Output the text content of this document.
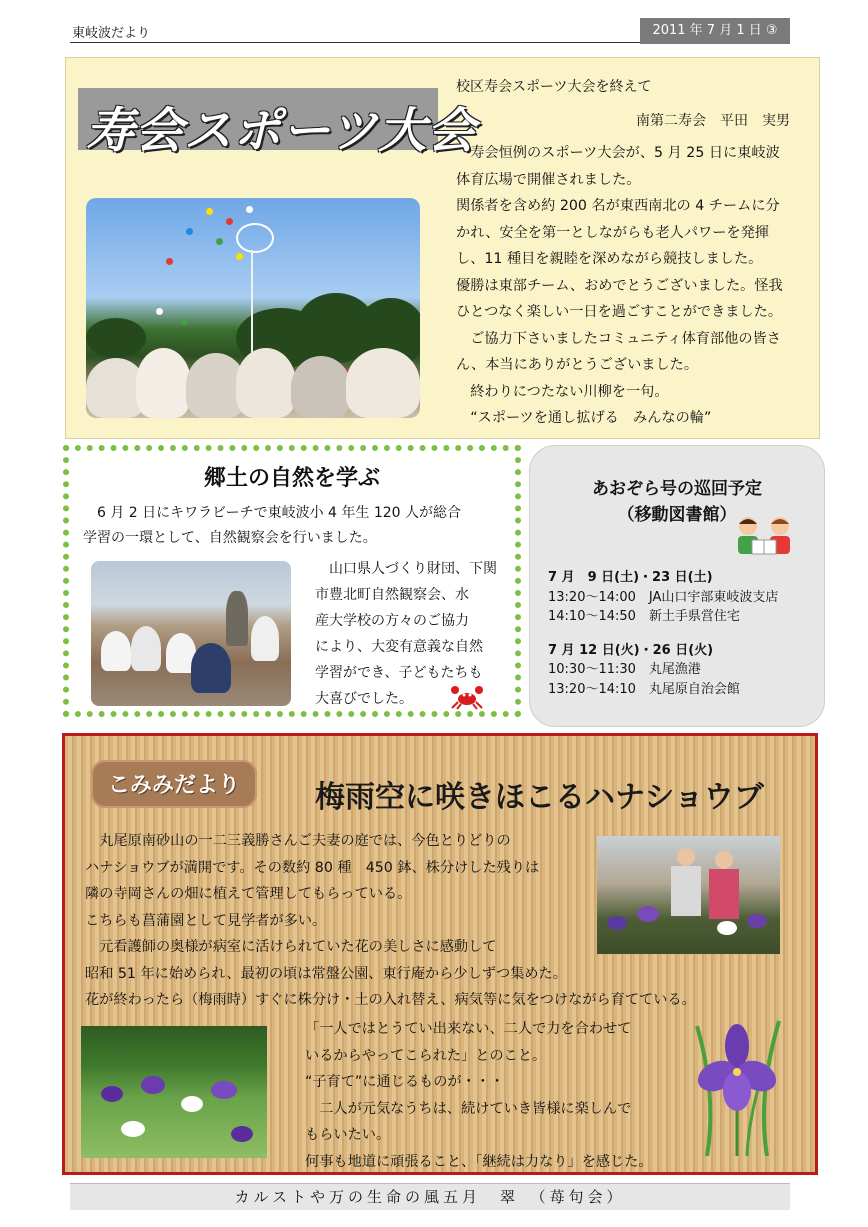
東岐波だより	2011 年 7 月 1 日 ③
寿会スポーツ大会
校区寿会スポーツ大会を終えて
南第二寿会　平田　実男

　寿会恒例のスポーツ大会が、5 月 25 日に東岐波

体育広場で開催されました。

関係者を含め約 200 名が東西南北の 4 チームに分

かれ、安全を第一としながらも老人パワーを発揮

し、11 種目を親睦を深めながら競技しました。

優勝は東部チーム、おめでとうございました。怪我

ひとつなく楽しい一日を過ごすことができました。

　ご協力下さいましたコミュニティ体育部他の皆さ

ん、本当にありがとうございました。

　終わりにつたない川柳を一句。

　“スポーツを通し拡げる　みんなの輪”

郷土の自然を学ぶ

　6 月 2 日にキワラビーチで東岐波小 4 年生 120 人が総合

学習の一環として、自然観察会を行いました。

　山口県人づくり財団、下関

市豊北町自然観察会、水

産大学校の方々のご協力

により、大変有意義な自然

学習ができ、子どもたちも

大喜びでした。

あおぞら号の巡回予定
（移動図書館）
7 月　9 日(土)・23 日(土)
13:20～14:00　JA山口宇部東岐波支店
14:10～14:50　新土手県営住宅
7 月 12 日(火)・26 日(火)
10:30～11:30　丸尾漁港
13:20～14:10　丸尾原自治会館
こみみだより	梅雨空に咲きほこるハナショウブ

　丸尾原南砂山の一二三義勝さんご夫妻の庭では、今色とりどりの

ハナショウブが満開です。その数約 80 種　450 鉢、株分けした残りは

隣の寺岡さんの畑に植えて管理してもらっている。

こちらも菖蒲園として見学者が多い。

　元看護師の奥様が病室に活けられていた花の美しさに感動して

昭和 51 年に始められ、最初の頃は常盤公園、東行庵から少しずつ集めた。

花が終わったら（梅雨時）すぐに株分け・土の入れ替え、病気等に気をつけながら育てている。

「一人ではとうてい出来ない、二人で力を合わせて

いるからやってこられた」とのこと。

“子育て”に通じるものが・・・

　二人が元気なうちは、続けていき皆様に楽しんで

もらいたい。

何事も地道に頑張ること、「継続は力なり」を感じた。

カルストや万の生命の風五月　翠　（苺句会）
